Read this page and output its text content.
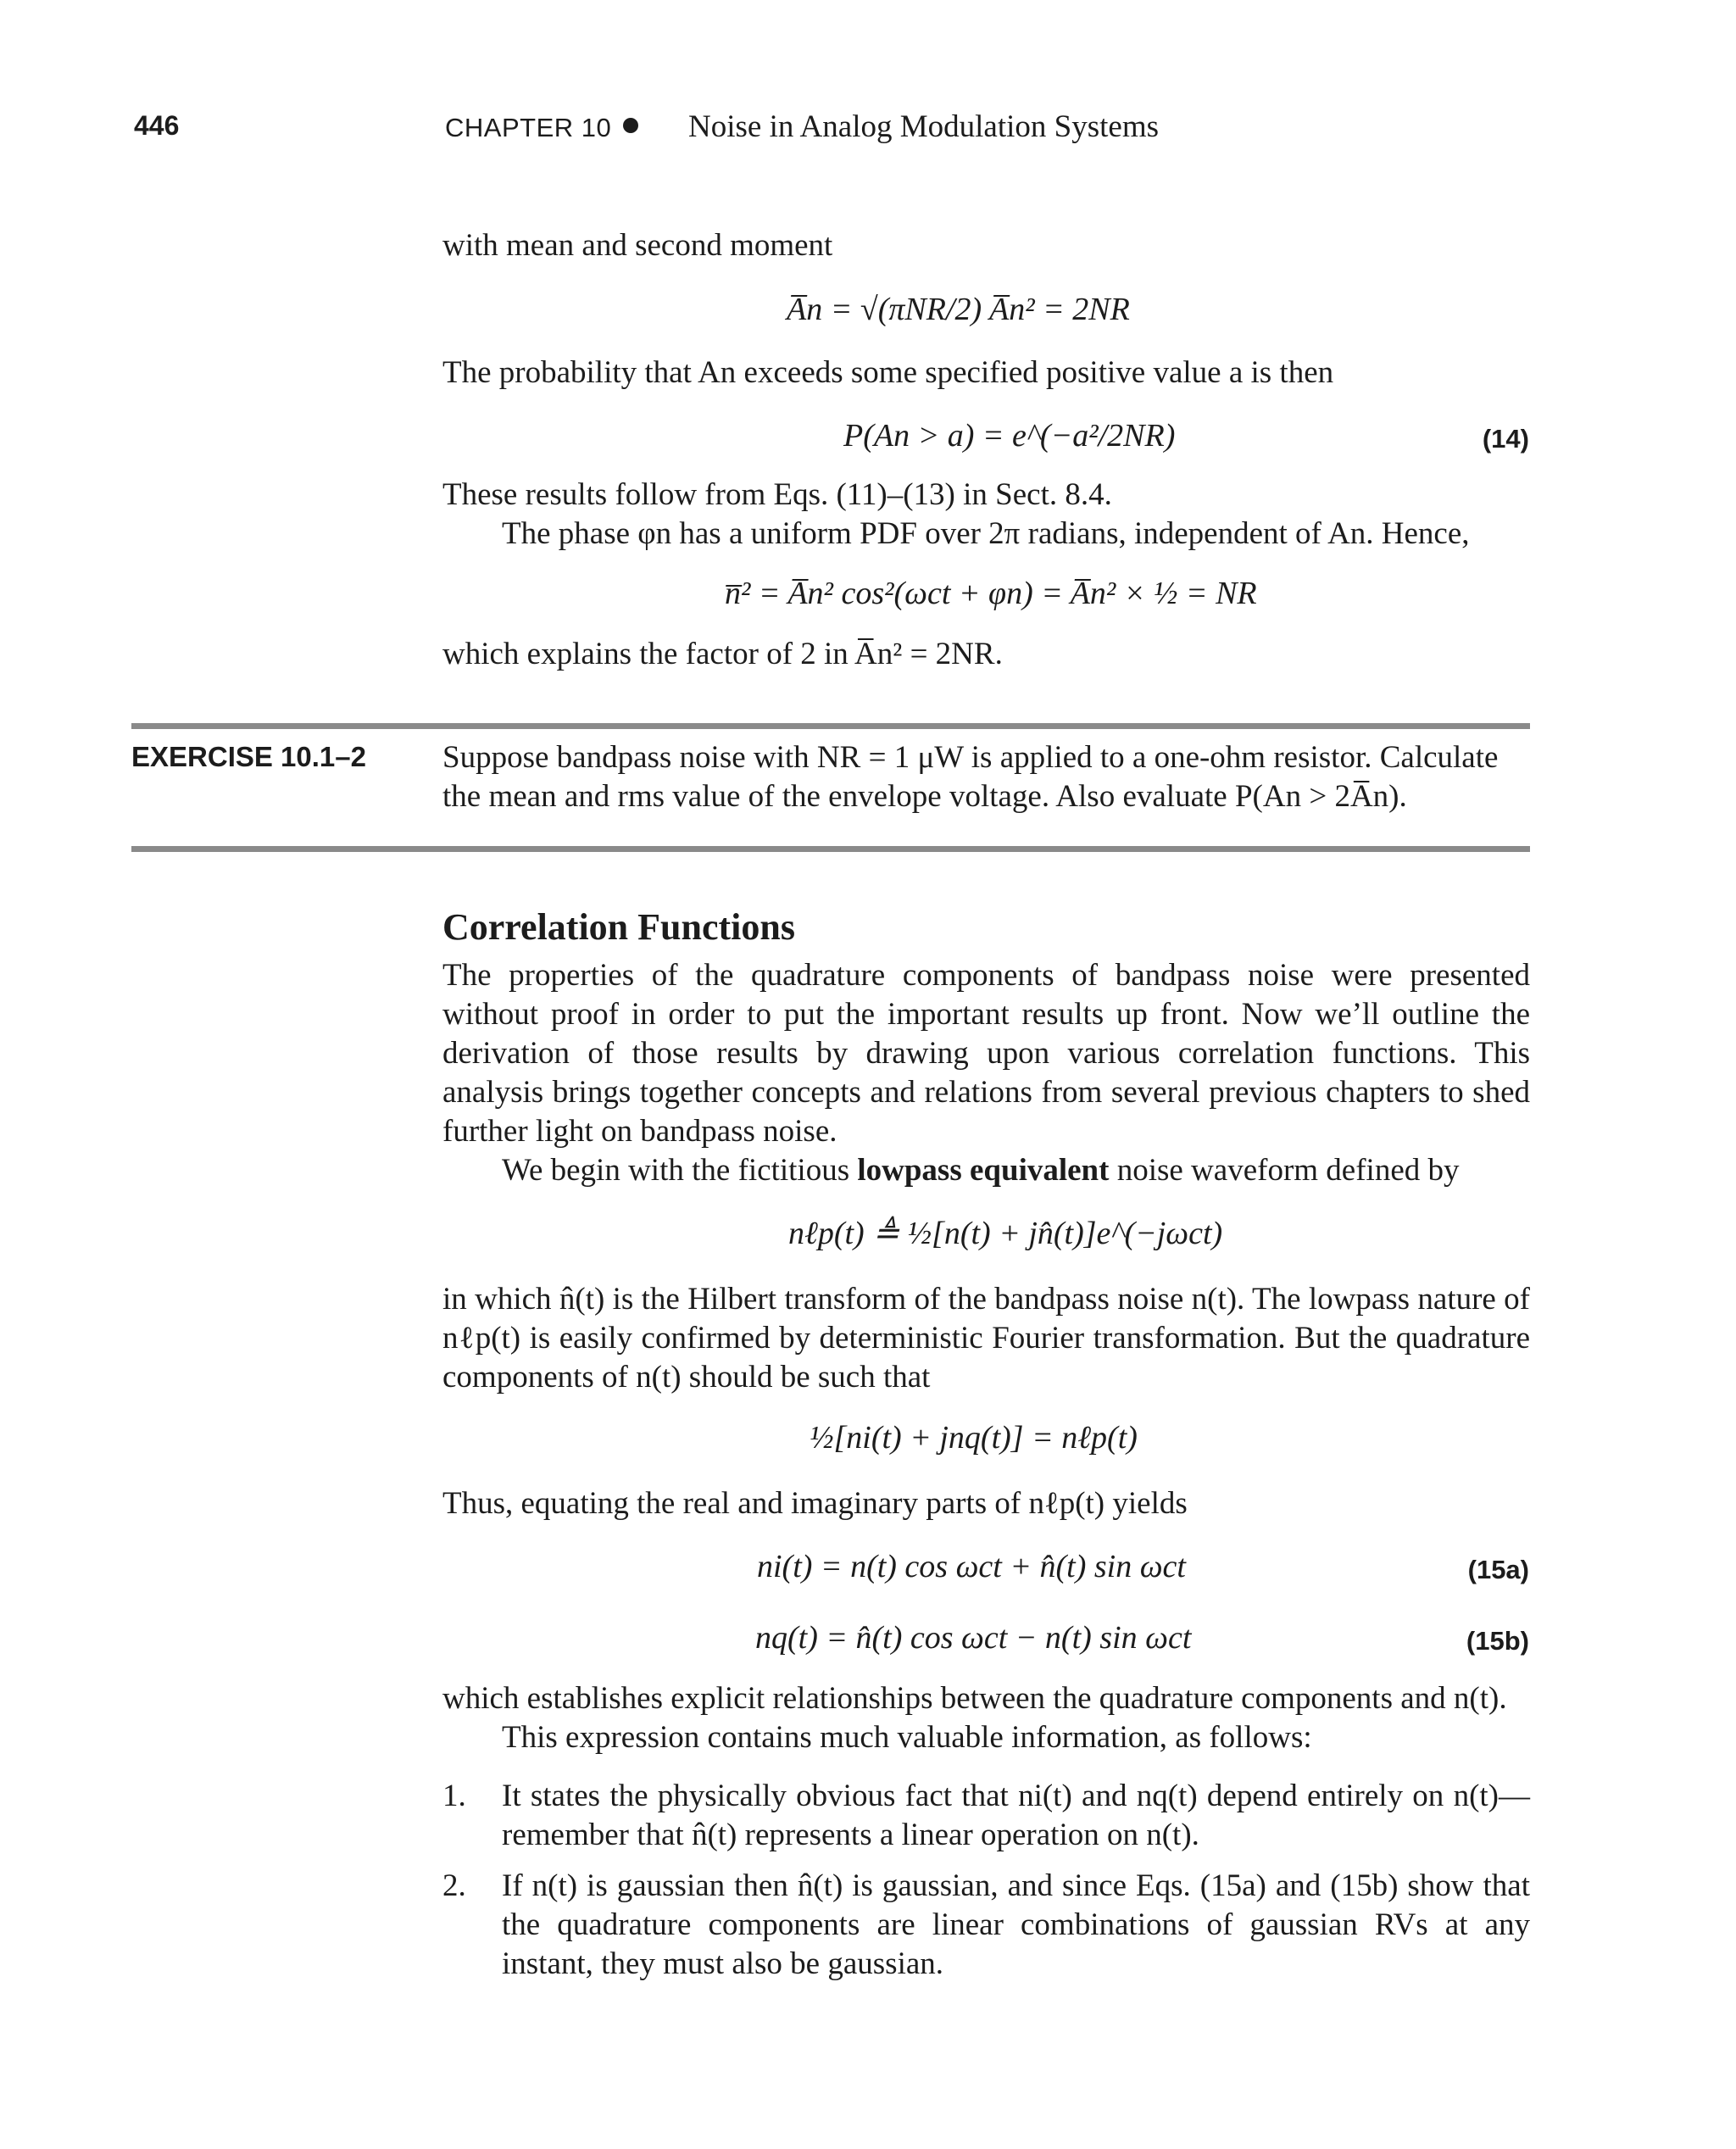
446	CHAPTER 10 Noise in Analog Modulation Systems
with mean and second moment
A̅n = √(πNR/2) A̅n² = 2NR
The probability that An exceeds some specified positive value a is then
P(An > a) = e^(−a²/2NR)	(14)
These results follow from Eqs. (11)–(13) in Sect. 8.4.
The phase φn has a uniform PDF over 2π radians, independent of An. Hence,
n̅² = A̅n² cos²(ωct + φn) = A̅n² × ½ = NR
which explains the factor of 2 in A̅n² = 2NR.
EXERCISE 10.1–2 Suppose bandpass noise with NR = 1 μW is applied to a one-ohm resistor. Calculate
the mean and rms value of the envelope voltage. Also evaluate P(An > 2A̅n).
Correlation Functions
The properties of the quadrature components of bandpass noise were presented without proof in order to put the important results up front. Now we’ll outline the derivation of those results by drawing upon various correlation functions. This analysis brings together concepts and relations from several previous chapters to shed further light on bandpass noise.
We begin with the fictitious lowpass equivalent noise waveform defined by
nℓp(t) ≜ ½[n(t) + jn̂(t)]e^(−jωct)
in which n̂(t) is the Hilbert transform of the bandpass noise n(t). The lowpass nature of nℓp(t) is easily confirmed by deterministic Fourier transformation. But the quadrature components of n(t) should be such that
½[ni(t) + jnq(t)] = nℓp(t)
Thus, equating the real and imaginary parts of nℓp(t) yields
ni(t) = n(t) cos ωct + n̂(t) sin ωct	(15a)
nq(t) = n̂(t) cos ωct − n(t) sin ωct	(15b)
which establishes explicit relationships between the quadrature components and n(t).
This expression contains much valuable information, as follows:
1. It states the physically obvious fact that ni(t) and nq(t) depend entirely on n(t)—remember that n̂(t) represents a linear operation on n(t).
2. If n(t) is gaussian then n̂(t) is gaussian, and since Eqs. (15a) and (15b) show that the quadrature components are linear combinations of gaussian RVs at any instant, they must also be gaussian.
